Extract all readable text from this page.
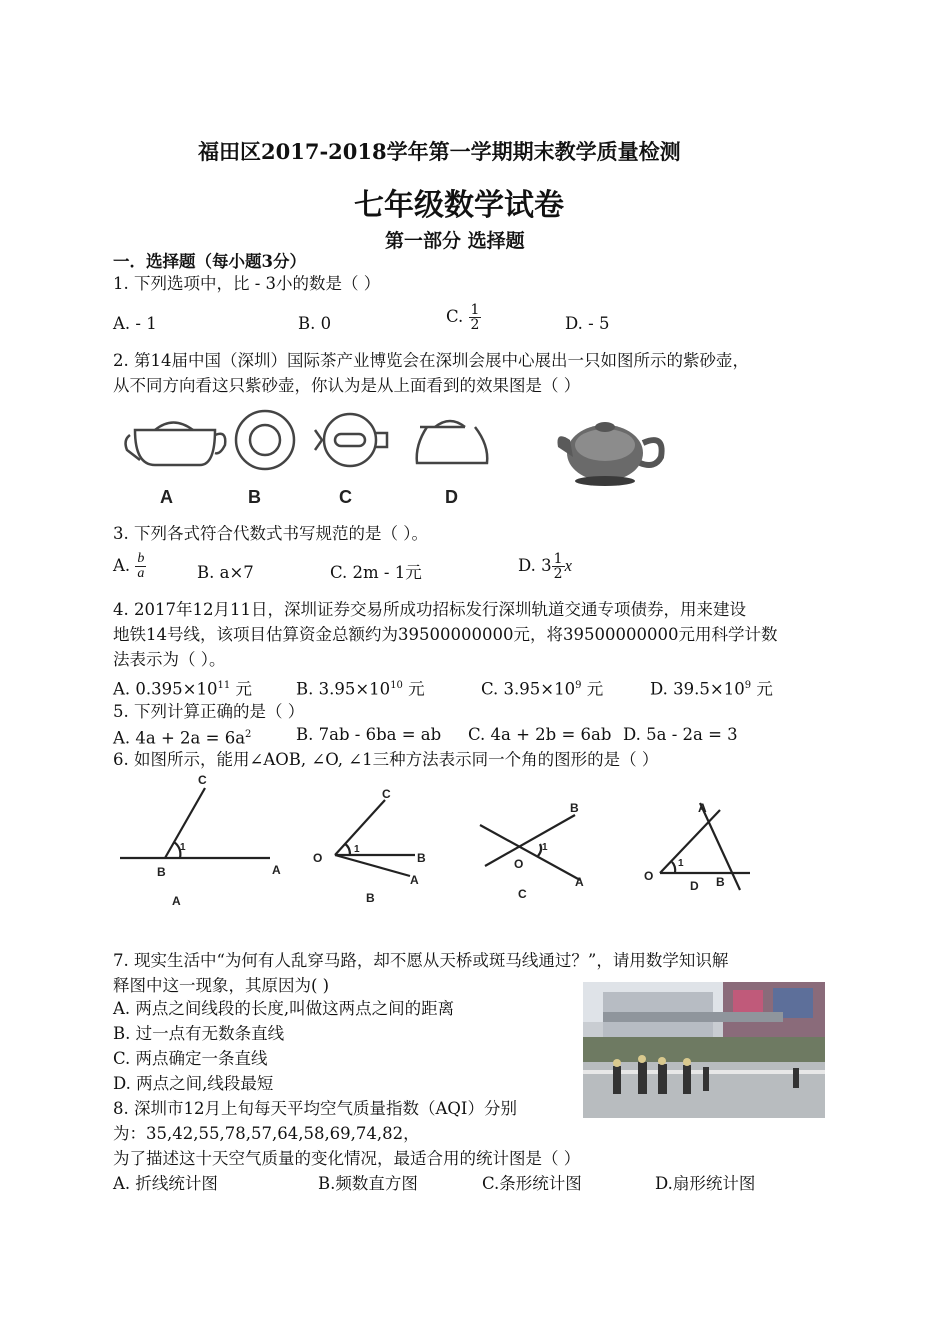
福田区2017-2018学年第一学期期末教学质量检测
七年级数学试卷
第一部分 选择题
一．选择题（每小题3分）
1. 下列选项中，比 - 3小的数是（ ）
A. - 1	B. 0	C. $\frac{1}{2}$	D. - 5
2. 第14届中国（深圳）国际茶产业博览会在深圳会展中心展出一只如图所示的紫砂壶，
从不同方向看这只紫砂壶，你认为是从上面看到的效果图是（ ）
A	B	C	D
3. 下列各式符合代数式书写规范的是（ ）。
A. $\frac{b}{a}$	B. a×7	C. 2m - 1元	D. $3 \frac{1}{2}$ x
4. 2017年12月11日，深圳证券交易所成功招标发行深圳轨道交通专项债券，用来建设
地铁14号线，该项目估算资金总额约为39500000000元，将39500000000元用科学计数
法表示为（ ）。
A. $0.395\times 10^{11}$ 元	B. $3.95\times 10^{10}$ 元	C. $3.95\times 10^9$ 元	D. $39.5\times 10^9$ 元
5. 下列计算正确的是（ ）
A. $4a + 2a = 6a^2$	B. 7ab - 6ba = ab C. 4a + 2b = 6ab D. 5a - 2a = 3
6. 如图所示，能用∠AOB, ∠O, ∠1三种方法表示同一个角的图形的是（ ）
C
B	A
1
A
C
O	B
A
1
B
B
O
A
1
C
A
O
D B
1
7. 现实生活中“为何有人乱穿马路，却不愿从天桥或斑马线通过？”，请用数学知识解
释图中这一现象，其原因为( )
A. 两点之间线段的长度,叫做这两点之间的距离
B. 过一点有无数条直线
C. 两点确定一条直线
D. 两点之间,线段最短
8. 深圳市12月上旬每天平均空气质量指数（AQI）分别
为：35,42,55,78,57,64,58,69,74,82，
为了描述这十天空气质量的变化情况，最适合用的统计图是（ ）
A. 折线统计图	B.频数直方图	C.条形统计图	D.扇形统计图
